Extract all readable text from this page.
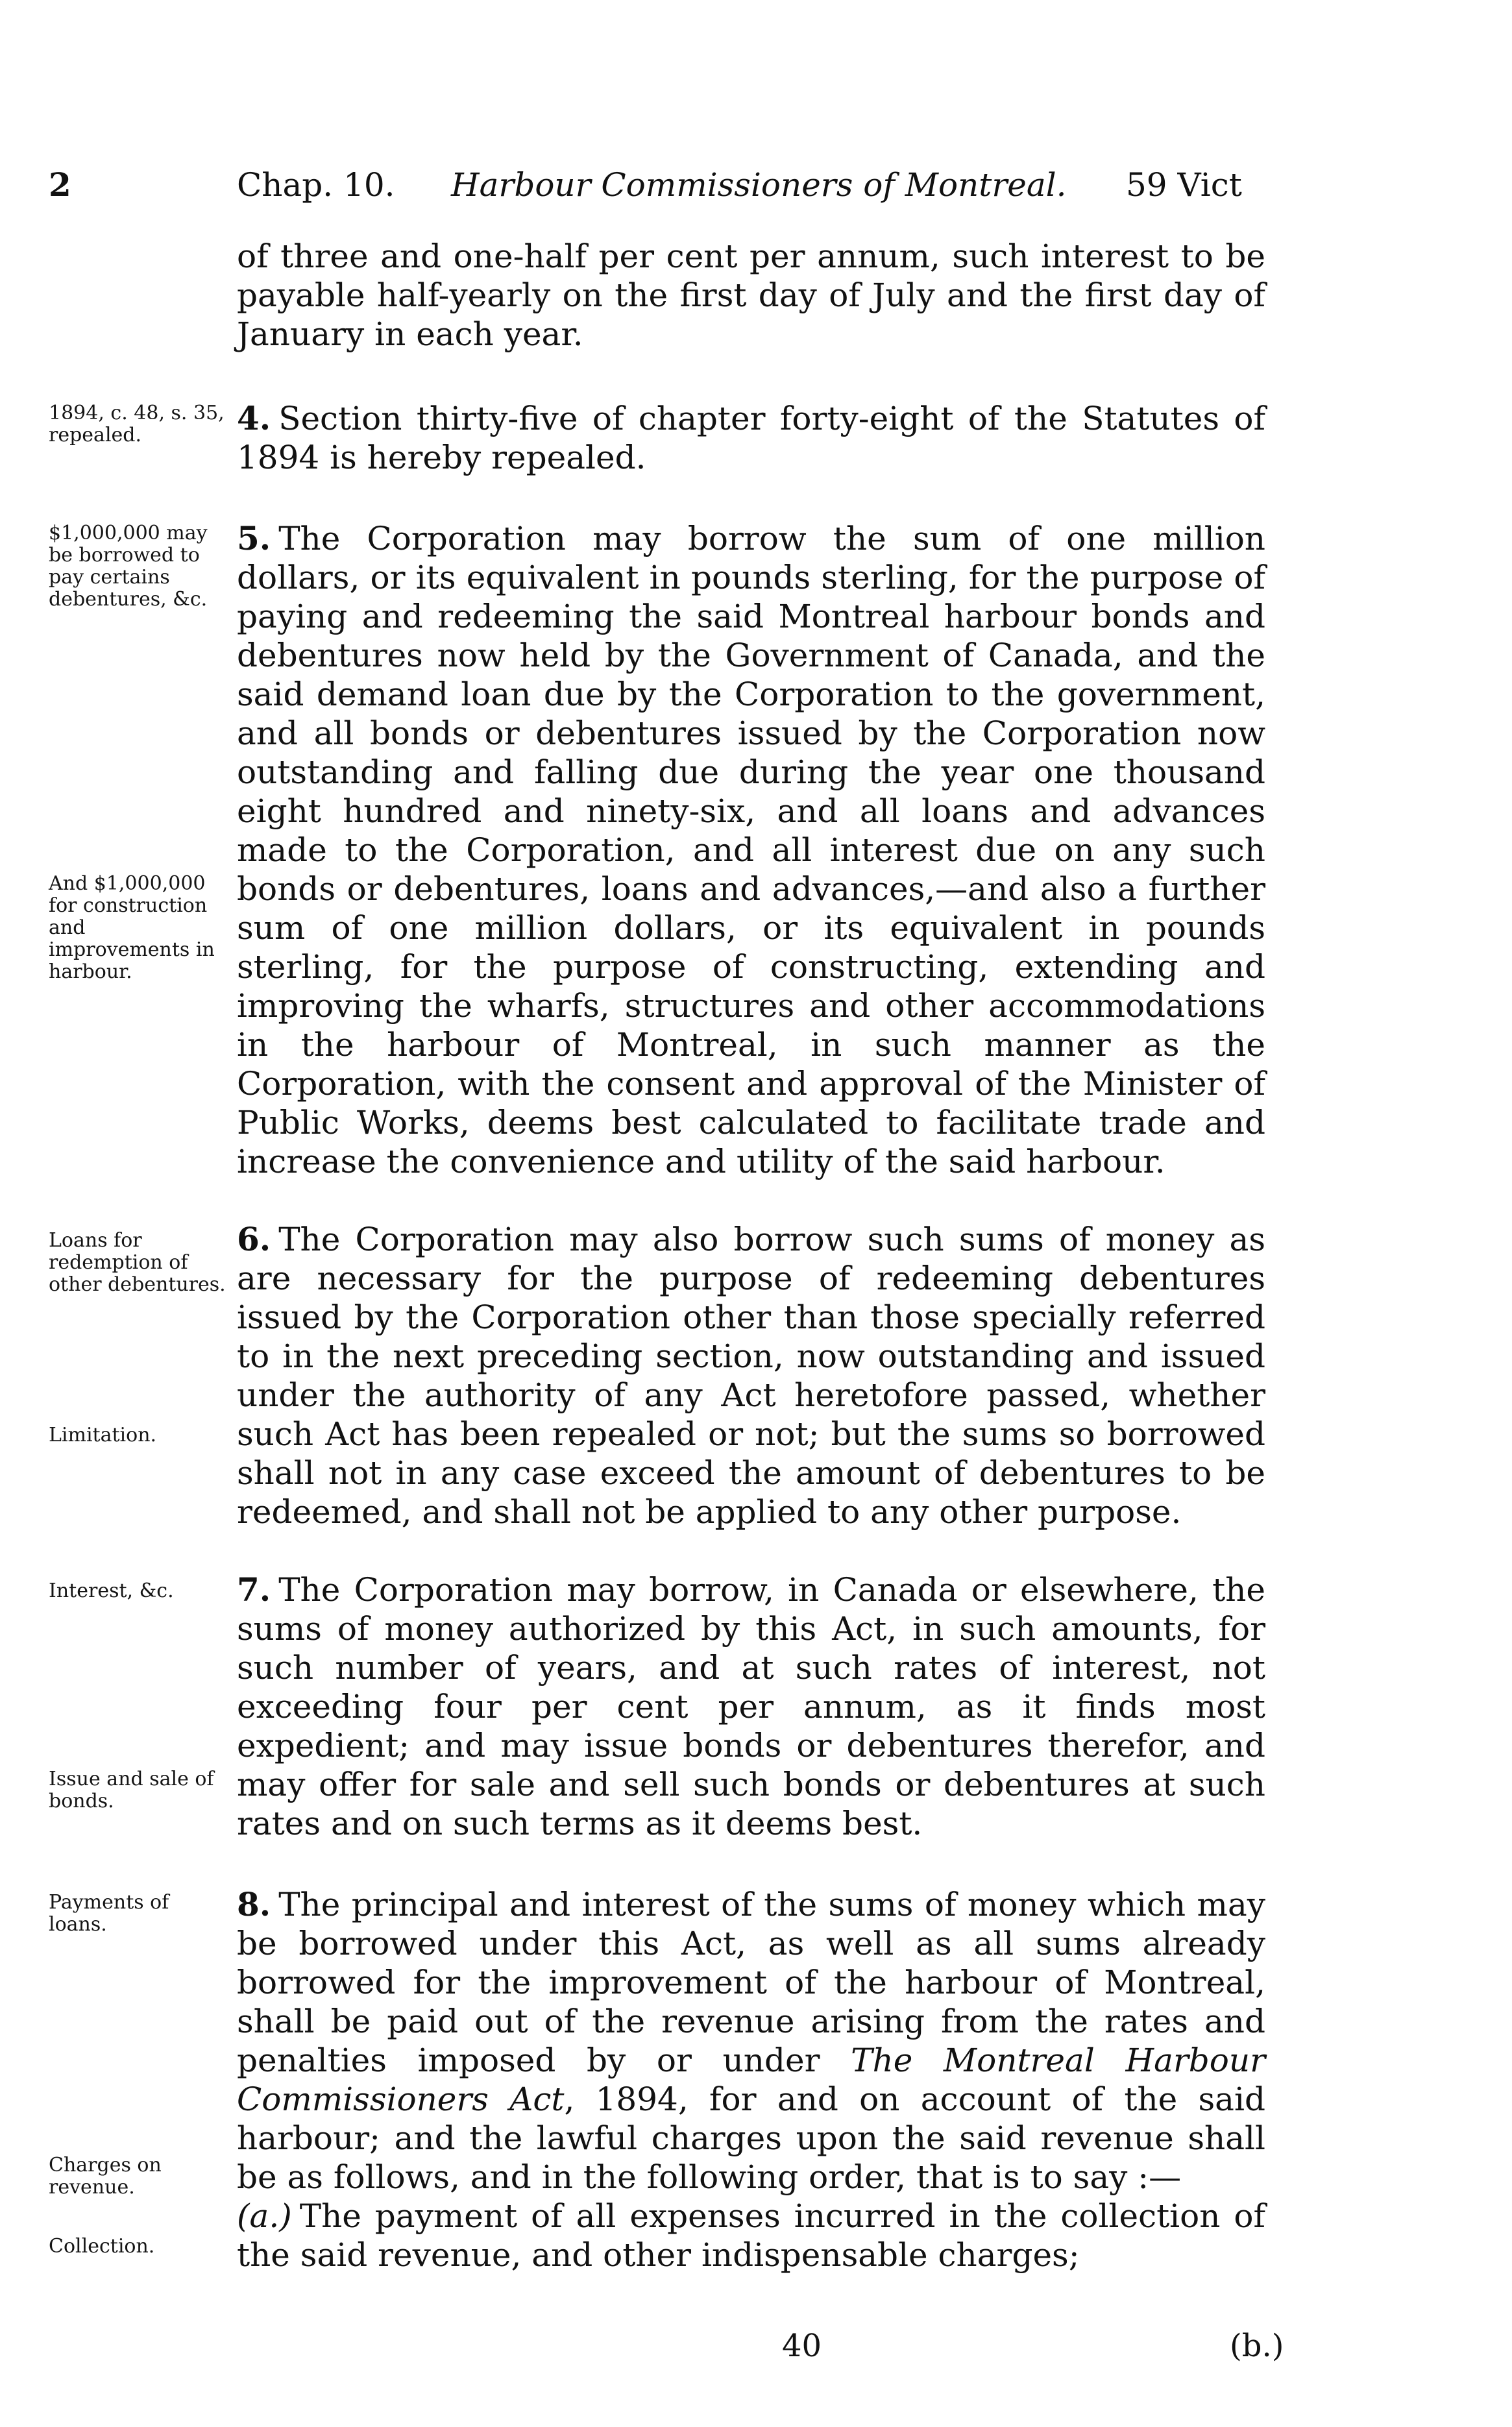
2	Chap. 10. Harbour Commissioners of Montreal. 59 Vict

of three and one-half per cent per annum, such interest to be payable half-yearly on the first day of July and the first day of January in each year.

1894, c. 48, s. 35, repealed.	4. Section thirty-five of chapter forty-eight of the Statutes of 1894 is hereby repealed.

$1,000,000 may be borrowed to pay certains debentures, &c.
And $1,000,000 for construction and improvements in harbour.

5. The Corporation may borrow the sum of one million dollars, or its equivalent in pounds sterling, for the purpose of paying and redeeming the said Montreal harbour bonds and debentures now held by the Government of Canada, and the said demand loan due by the Corporation to the government, and all bonds or debentures issued by the Corporation now outstanding and falling due during the year one thousand eight hundred and ninety-six, and all loans and advances made to the Corporation, and all interest due on any such bonds or debentures, loans and advances,—and also a further sum of one million dollars, or its equivalent in pounds sterling, for the purpose of constructing, extending and improving the wharfs, structures and other accommodations in the harbour of Montreal, in such manner as the Corporation, with the consent and approval of the Minister of Public Works, deems best calculated to facilitate trade and increase the convenience and utility of the said harbour.

Loans for redemption of other debentures.
Limitation.

6. The Corporation may also borrow such sums of money as are necessary for the purpose of redeeming debentures issued by the Corporation other than those specially referred to in the next preceding section, now outstanding and issued under the authority of any Act heretofore passed, whether such Act has been repealed or not; but the sums so borrowed shall not in any case exceed the amount of debentures to be redeemed, and shall not be applied to any other purpose.

Interest, &c.
Issue and sale of bonds.

7. The Corporation may borrow, in Canada or elsewhere, the sums of money authorized by this Act, in such amounts, for such number of years, and at such rates of interest, not exceeding four per cent per annum, as it finds most expedient; and may issue bonds or debentures therefor, and may offer for sale and sell such bonds or debentures at such rates and on such terms as it deems best.

Payments of loans.
Charges on revenue.
Collection.

8. The principal and interest of the sums of money which may be borrowed under this Act, as well as all sums already borrowed for the improvement of the harbour of Montreal, shall be paid out of the revenue arising from the rates and penalties imposed by or under The Montreal Harbour Commissioners Act, 1894, for and on account of the said harbour; and the lawful charges upon the said revenue shall be as follows, and in the following order, that is to say :—

(a.) The payment of all expenses incurred in the collection of the said revenue, and other indispensable charges;

40	(b.)
